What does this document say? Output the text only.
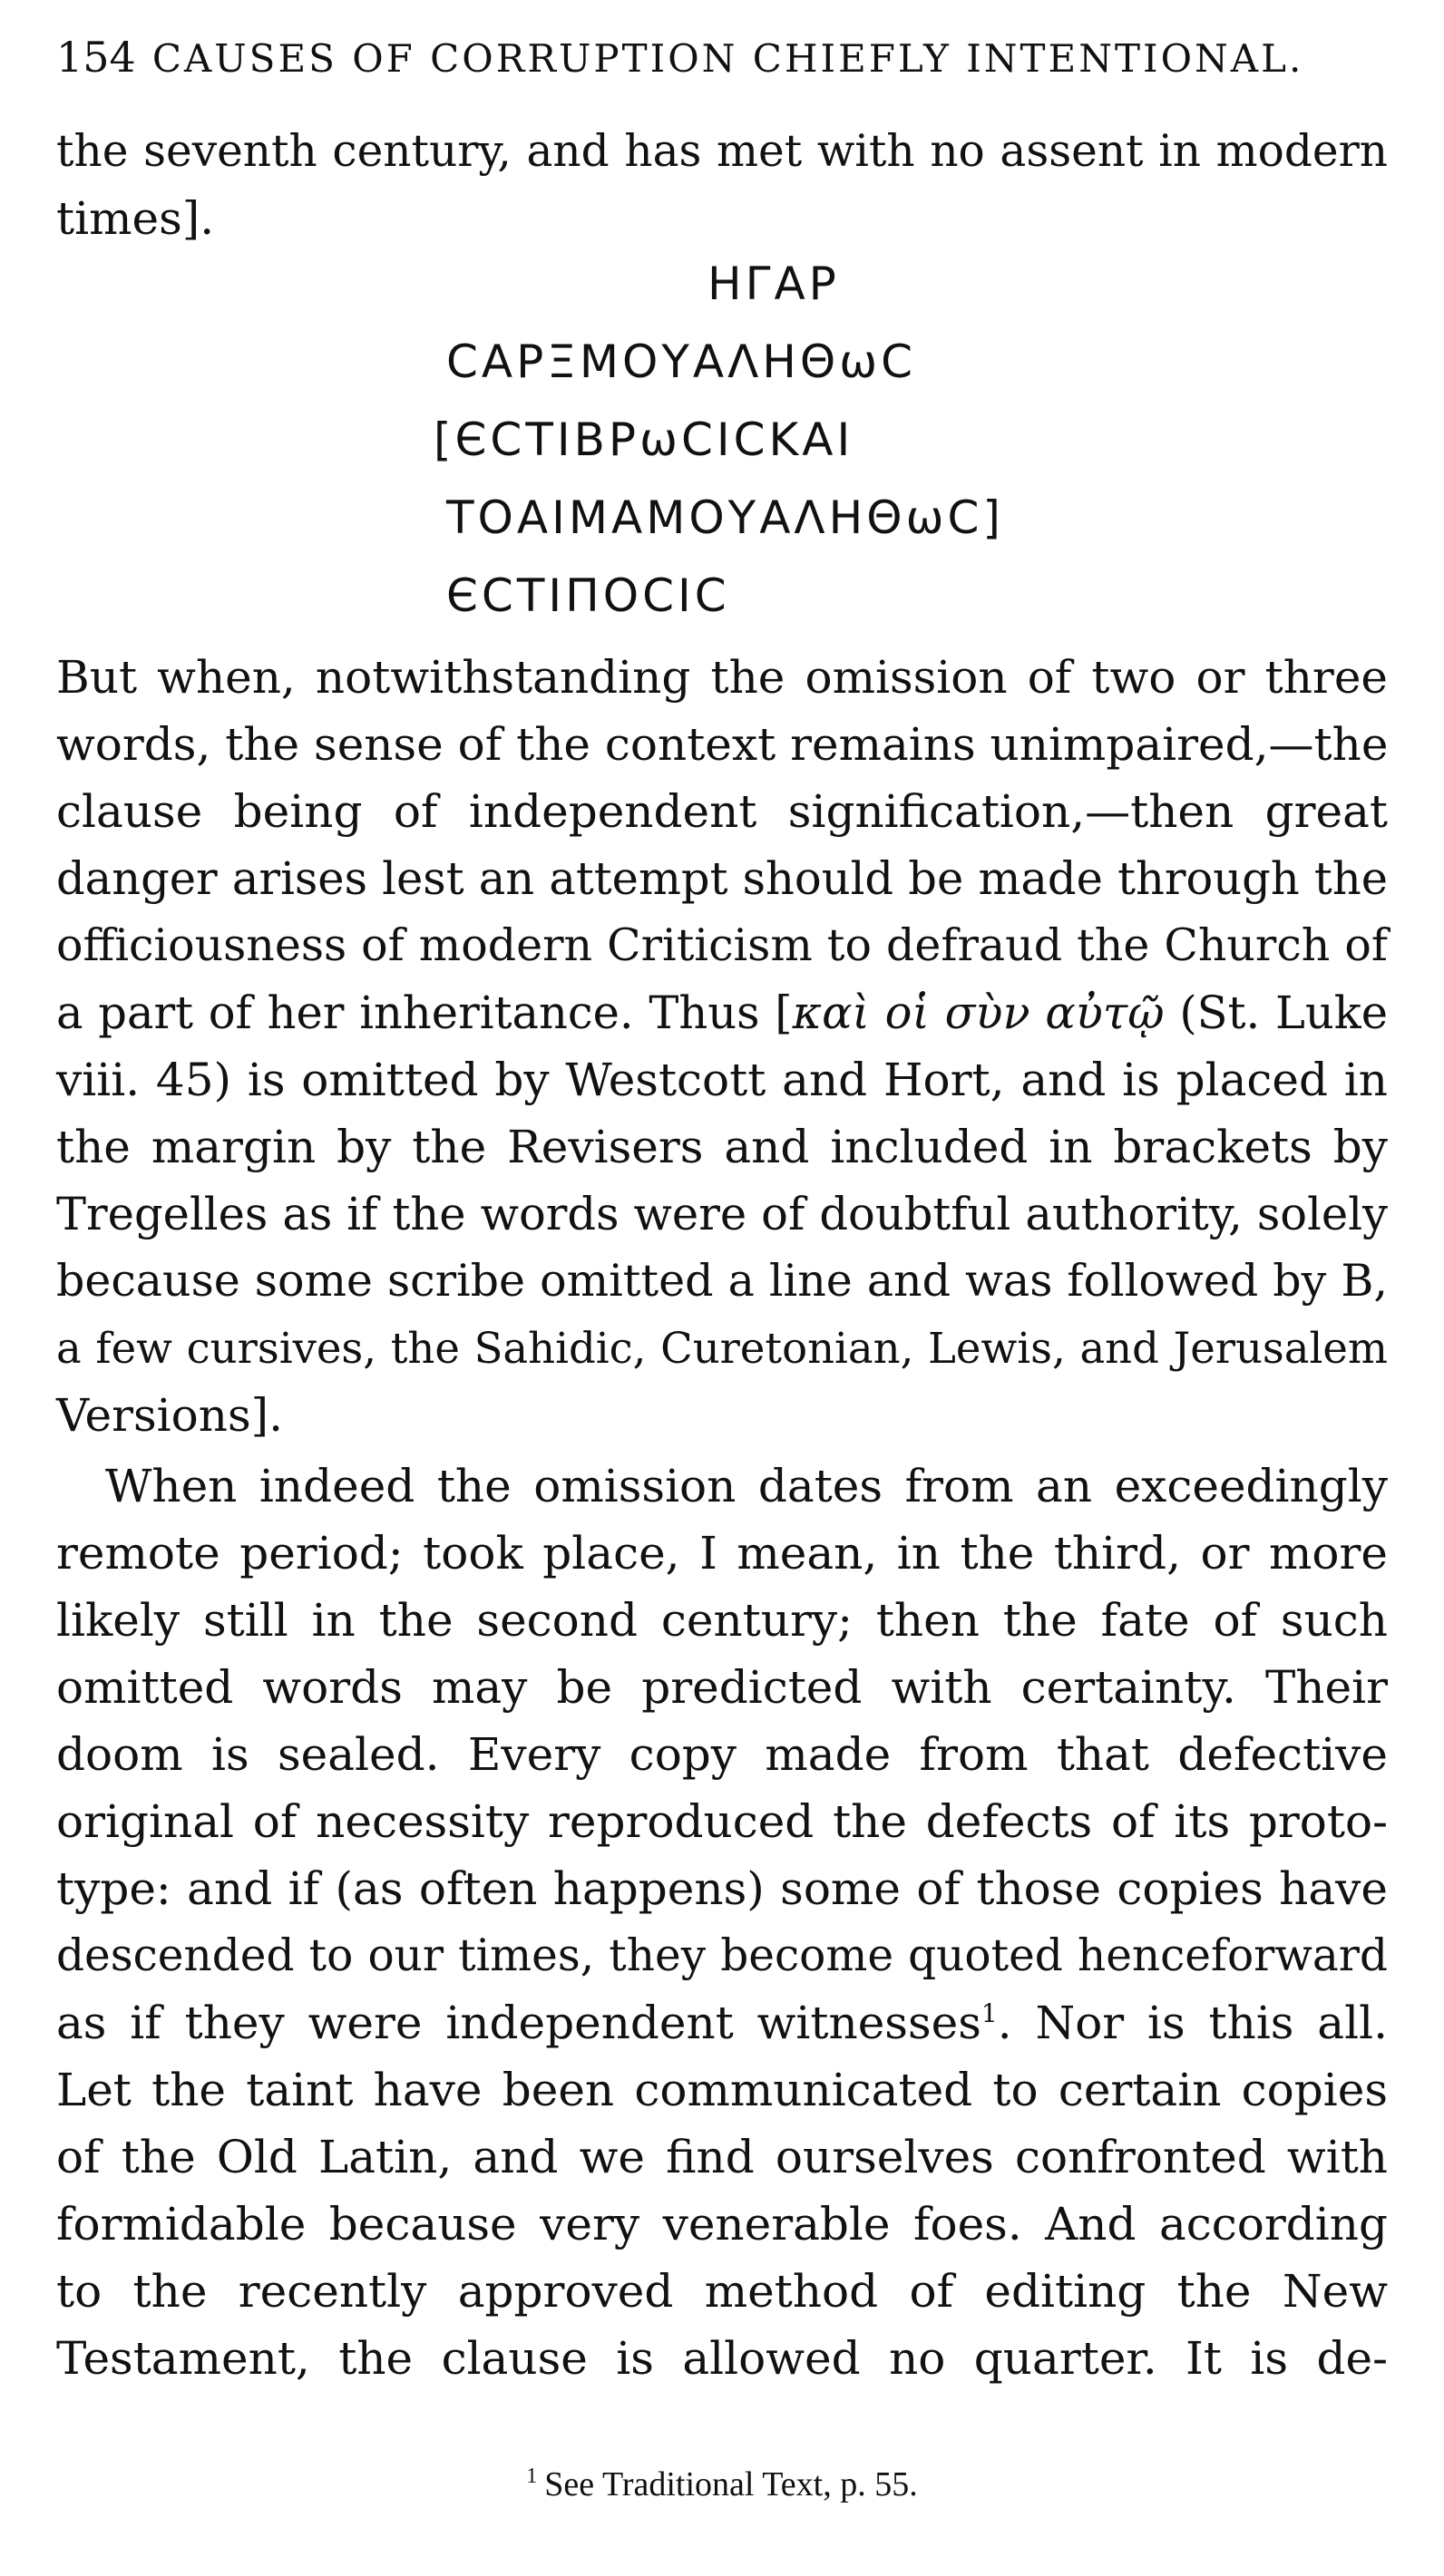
154 CAUSES OF CORRUPTION CHIEFLY INTENTIONAL.
the seventh century, and has met with no assent in modern
times].
ΗΓΑΡ
ϹΑΡΞΜΟΥΑΛΗΘωϹ
[ЄϹΤΙΒΡωϹΙϹΚΑΙ
ΤΟΑΙΜΑΜΟΥΑΛΗΘωϹ]
ЄϹΤΙΠΟϹΙϹ
But when, notwithstanding the omission of two or three
words, the sense of the context remains unimpaired,—the
clause being of independent signification,—then great
danger arises lest an attempt should be made through the
officiousness of modern Criticism to defraud the Church of
a part of her inheritance. Thus [καὶ οἱ σὺν αὐτῷ (St. Luke
viii. 45) is omitted by Westcott and Hort, and is placed in
the margin by the Revisers and included in brackets by
Tregelles as if the words were of doubtful authority, solely
because some scribe omitted a line and was followed by B,
a few cursives, the Sahidic, Curetonian, Lewis, and Jerusalem
Versions].
When indeed the omission dates from an exceedingly
remote period; took place, I mean, in the third, or more
likely still in the second century; then the fate of such
omitted words may be predicted with certainty. Their
doom is sealed. Every copy made from that defective
original of necessity reproduced the defects of its proto-
type: and if (as often happens) some of those copies have
descended to our times, they become quoted henceforward
as if they were independent witnesses$^1$. Nor is this all.
Let the taint have been communicated to certain copies
of the Old Latin, and we find ourselves confronted with
formidable because very venerable foes. And according
to the recently approved method of editing the New
Testament, the clause is allowed no quarter. It is de-
$^1$ See Traditional Text, p. 55.
